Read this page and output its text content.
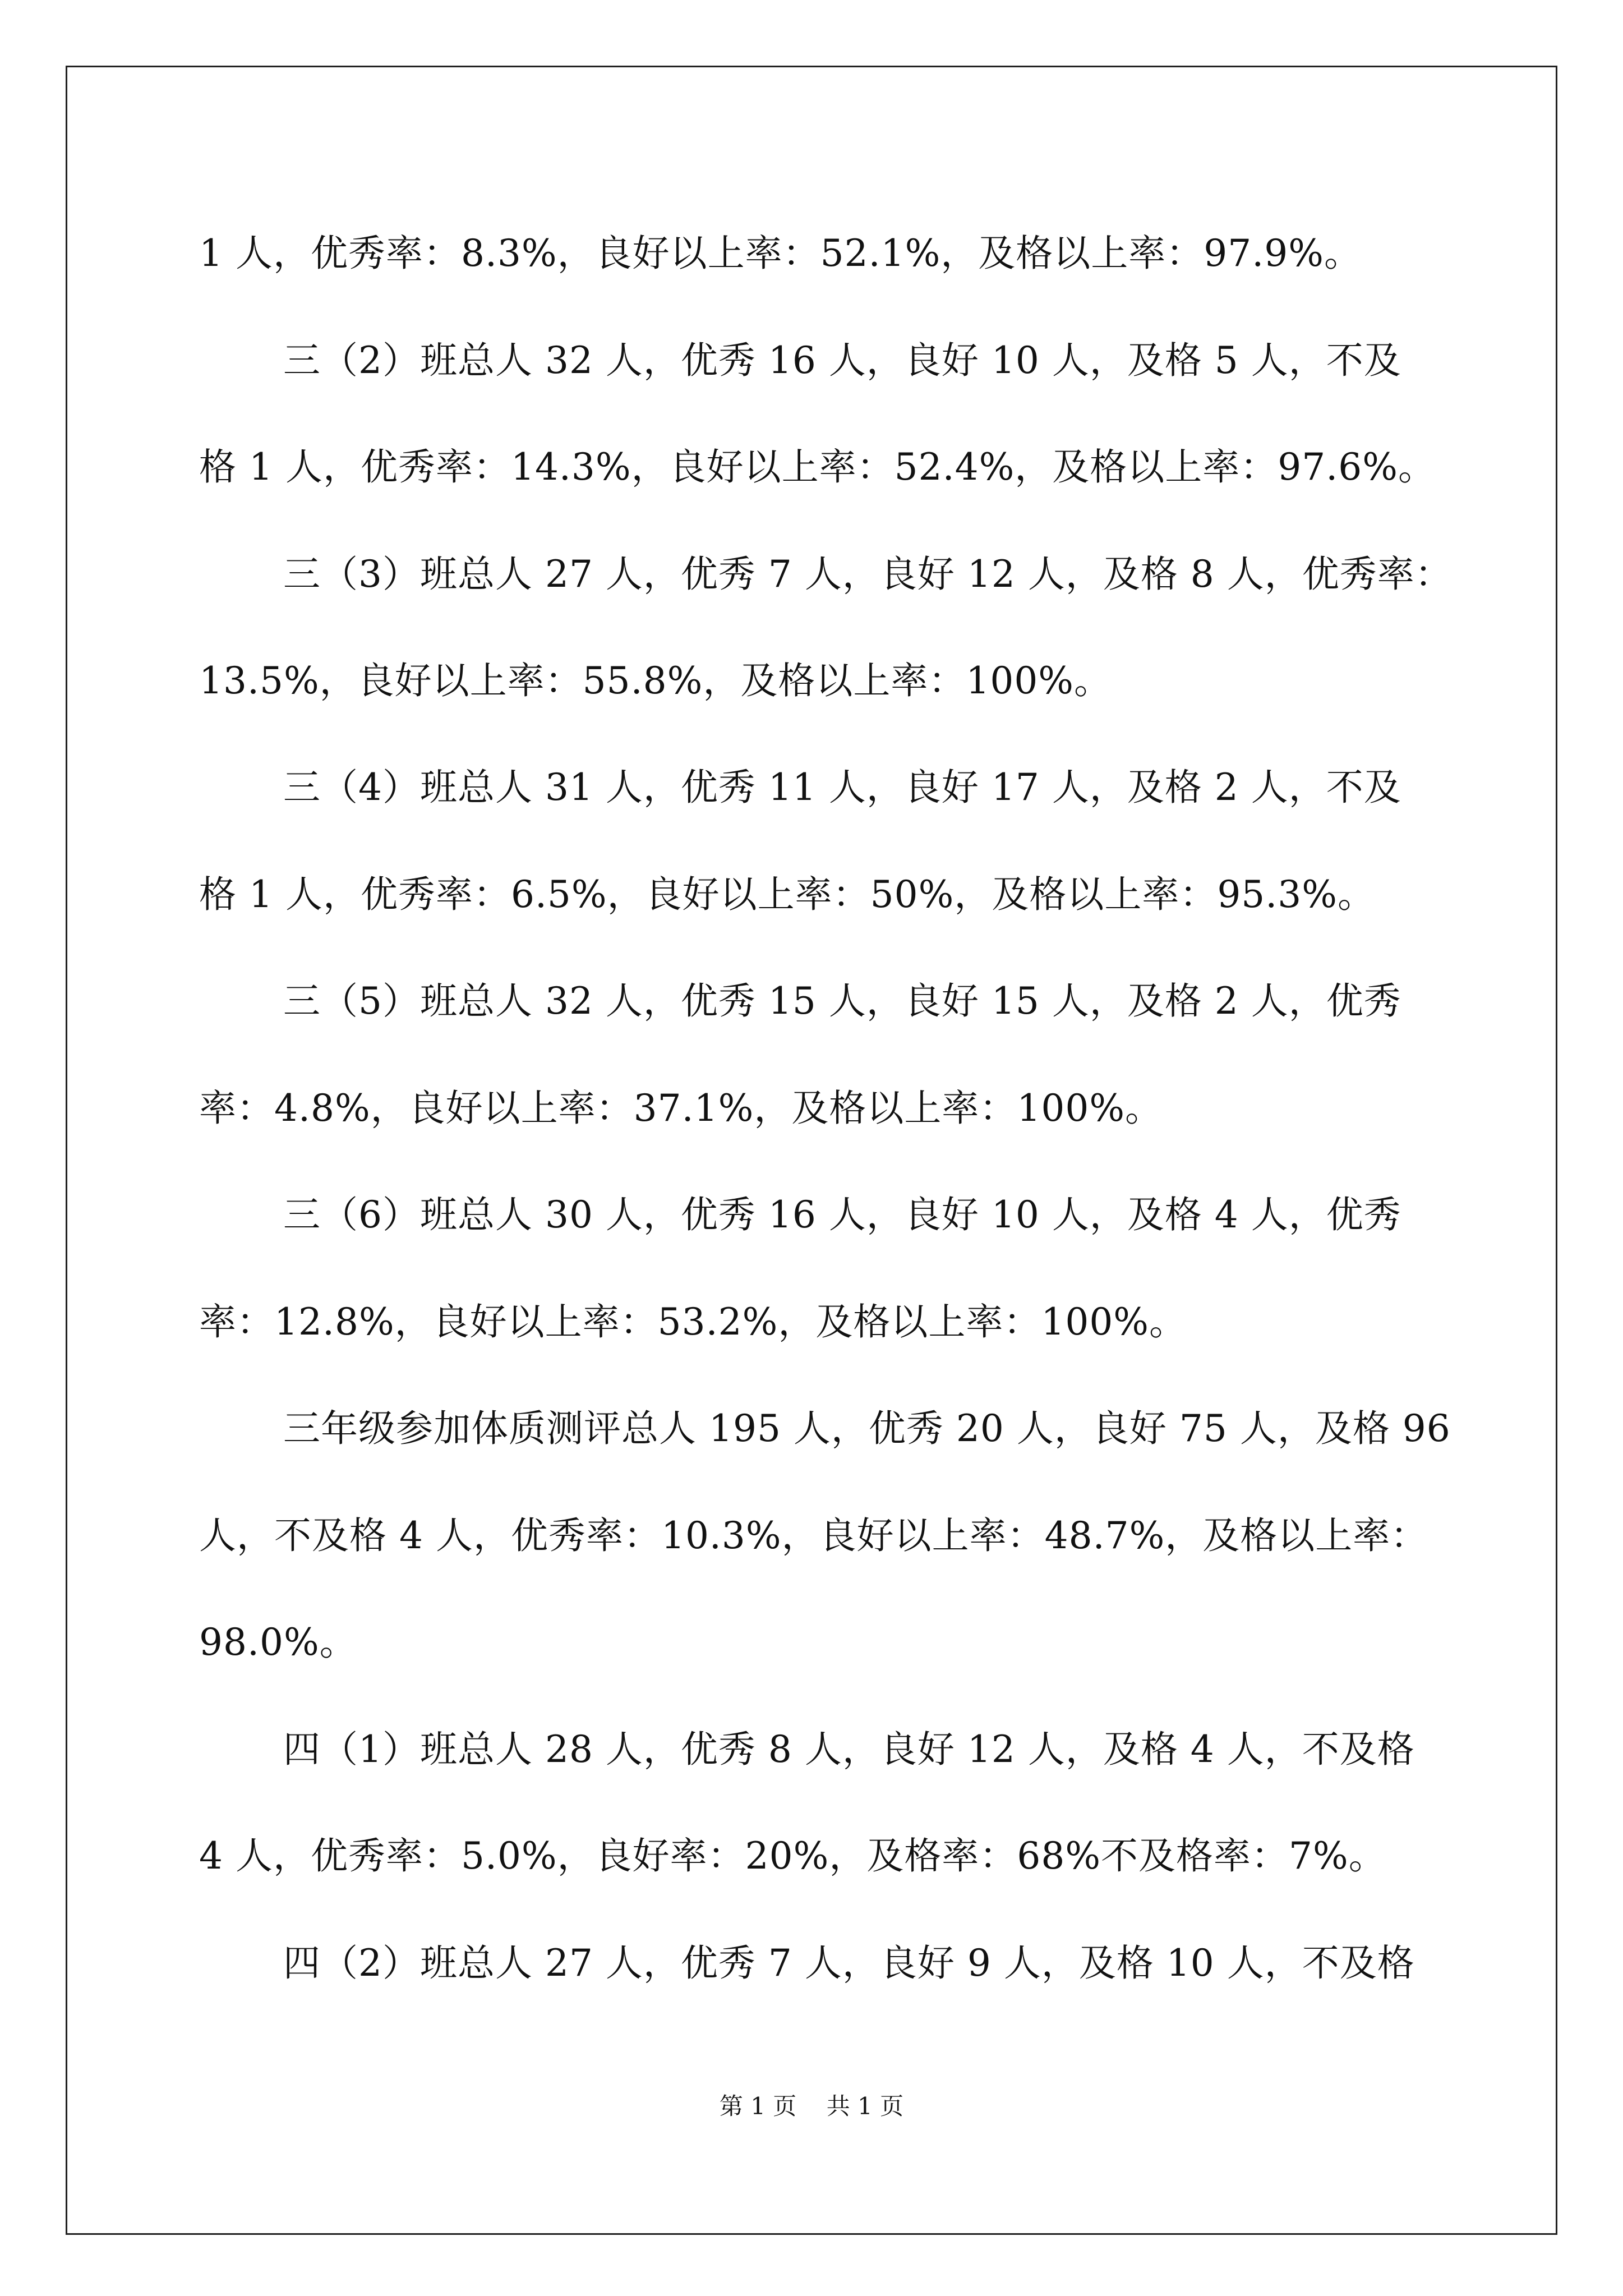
1 人，优秀率：8.3%，良好以上率：52.1%，及格以上率：97.9%。
三（2）班总人 32 人，优秀 16 人，良好 10 人，及格 5 人，不及
格 1 人，优秀率：14.3%，良好以上率：52.4%，及格以上率：97.6%。
三（3）班总人 27 人，优秀 7 人，良好 12 人，及格 8 人，优秀率：
13.5%，良好以上率：55.8%，及格以上率：100%。
三（4）班总人 31 人，优秀 11 人，良好 17 人，及格 2 人，不及
格 1 人，优秀率：6.5%，良好以上率：50%，及格以上率：95.3%。
三（5）班总人 32 人，优秀 15 人，良好 15 人，及格 2 人，优秀
率：4.8%，良好以上率：37.1%，及格以上率：100%。
三（6）班总人 30 人，优秀 16 人，良好 10 人，及格 4 人，优秀
率：12.8%，良好以上率：53.2%，及格以上率：100%。
三年级参加体质测评总人 195 人，优秀 20 人，良好 75 人，及格 96
人，不及格 4 人，优秀率：10.3%，良好以上率：48.7%，及格以上率：
98.0%。
四（1）班总人 28 人，优秀 8 人，良好 12 人，及格 4 人，不及格
4 人，优秀率：5.0%，良好率：20%，及格率：68%不及格率：7%。
四（2）班总人 27 人，优秀 7 人，良好 9 人，及格 10 人，不及格
第 1 页    共 1 页
